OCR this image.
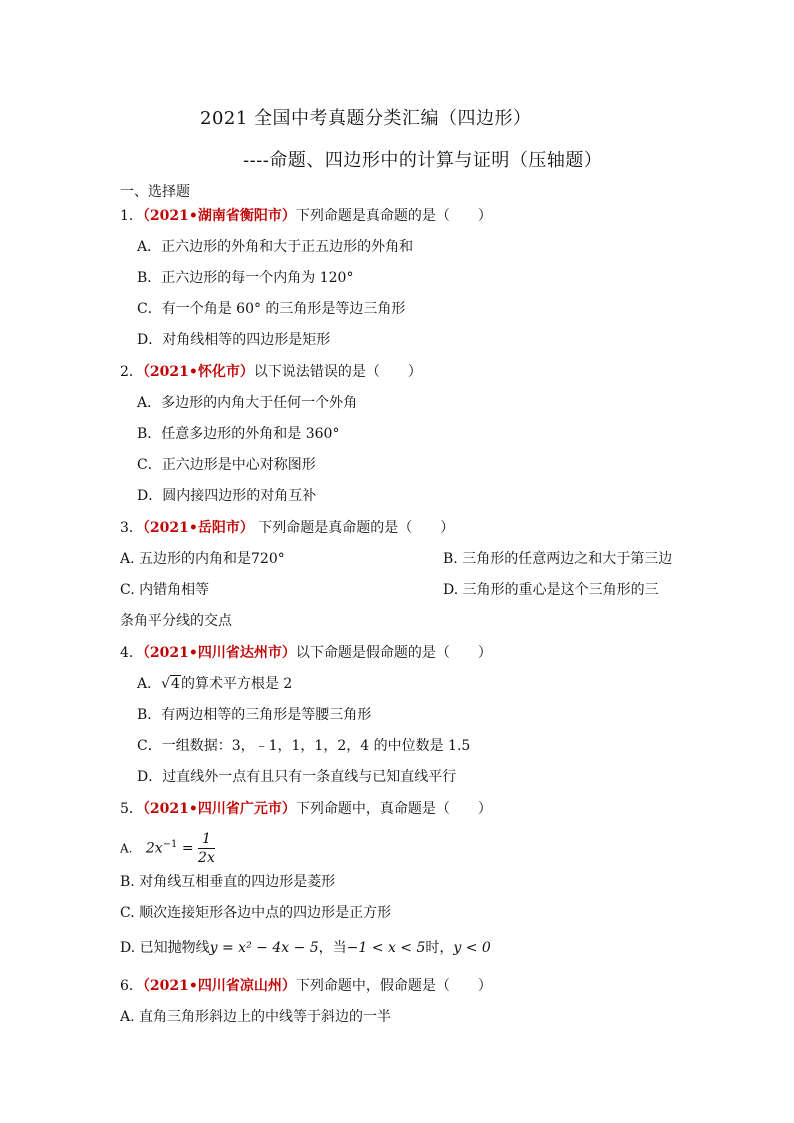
2021 全国中考真题分类汇编（四边形）
----命题、四边形中的计算与证明（压轴题）
一、选择题
1．（2021•湖南省衡阳市）下列命题是真命题的是（　　）
A．正六边形的外角和大于正五边形的外角和
B．正六边形的每一个内角为 120°
C．有一个角是 60° 的三角形是等边三角形
D．对角线相等的四边形是矩形
2．（2021•怀化市）以下说法错误的是（　　）
A．多边形的内角大于任何一个外角
B．任意多边形的外角和是 360°
C．正六边形是中心对称图形
D．圆内接四边形的对角互补
3．（2021•岳阳市） 下列命题是真命题的是（　　）
A. 五边形的内角和是720°	B. 三角形的任意两边之和大于第三边
C. 内错角相等	D. 三角形的重心是这个三角形的三
条角平分线的交点
4．（2021•四川省达州市）以下命题是假命题的是（　　）
A．√4的算术平方根是 2
B．有两边相等的三角形是等腰三角形
C．一组数据：3，﹣1，1，1，2，4 的中位数是 1.5
D．过直线外一点有且只有一条直线与已知直线平行
5．（2021•四川省广元市）下列命题中，真命题是（　　）
A. $2x^{-1} = \frac{1}{2x}$
B. 对角线互相垂直的四边形是菱形
C. 顺次连接矩形各边中点的四边形是正方形
D. 已知抛物线y = x² − 4x − 5，当−1 < x < 5时，y < 0
6．（2021•四川省凉山州）下列命题中，假命题是（　　）
A. 直角三角形斜边上的中线等于斜边的一半
